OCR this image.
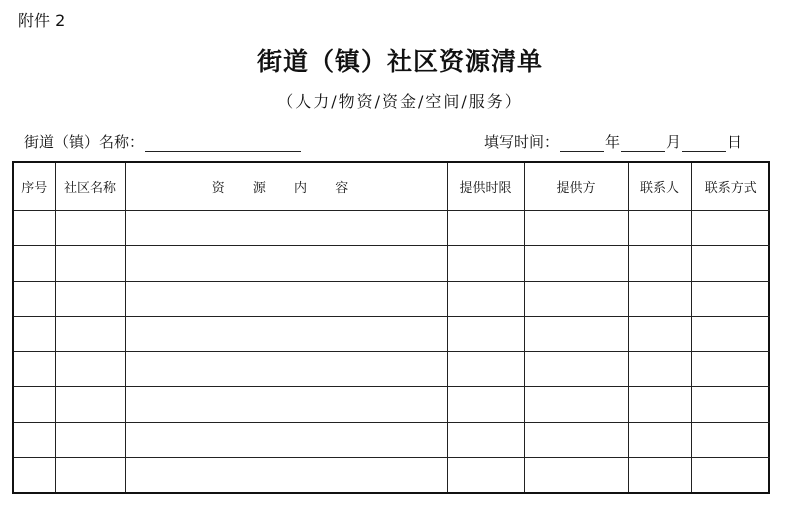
附件 2
街道（镇）社区资源清单
（人力/物资/资金/空间/服务）
街道（镇）名称：	填写时间：	年	月	日
序号	社区名称	资 源 内 容	提供时限	提供方	联系人	联系方式
